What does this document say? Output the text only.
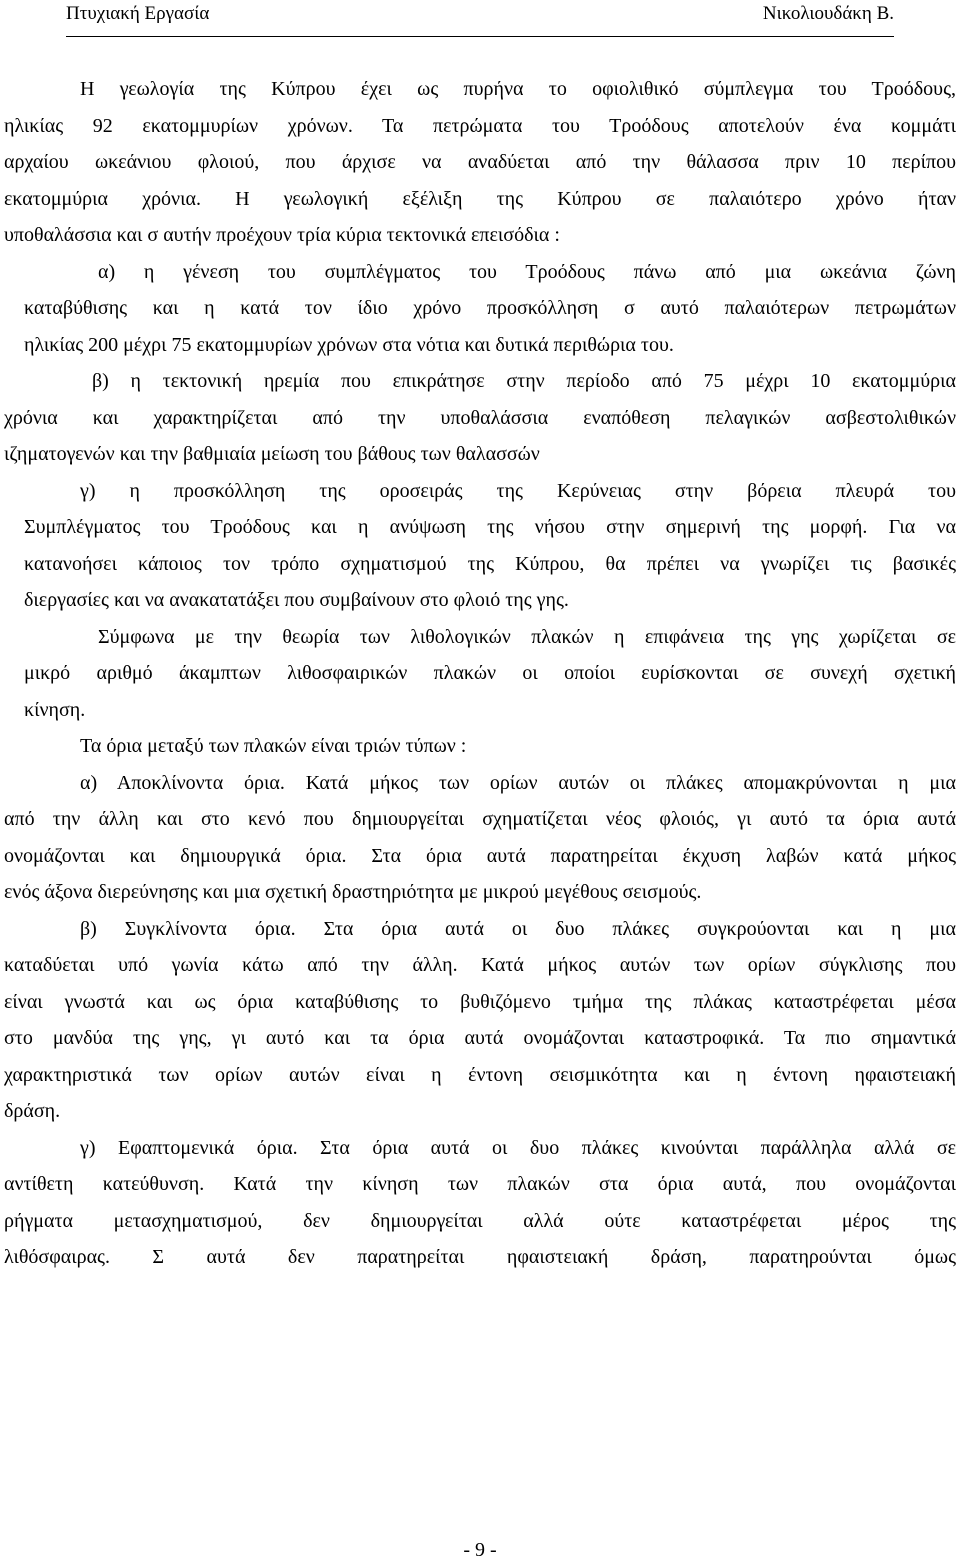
Πτυχιακή Εργασία	Νικολιουδάκη Β.
Η γεωλογία της Κύπρου έχει ως πυρήνα το οφιολιθικό σύμπλεγμα του Τροόδους,
ηλικίας 92 εκατομμυρίων χρόνων. Τα πετρώματα του Τροόδους αποτελούν ένα κομμάτι
αρχαίου ωκεάνιου φλοιού, που άρχισε να αναδύεται από την θάλασσα πριν 10 περίπου
εκατομμύρια χρόνια. Η γεωλογική εξέλιξη της Κύπρου σε παλαιότερο χρόνο ήταν
υποθαλάσσια και σ αυτήν προέχουν τρία κύρια τεκτονικά επεισόδια :
α) η γένεση του συμπλέγματος του Τροόδους πάνω από μια ωκεάνια ζώνη
καταβύθισης και η κατά τον ίδιο χρόνο προσκόλληση σ αυτό παλαιότερων πετρωμάτων
ηλικίας 200 μέχρι 75 εκατομμυρίων χρόνων στα νότια και δυτικά περιθώρια του.
β) η τεκτονική ηρεμία που επικράτησε στην περίοδο από 75 μέχρι 10 εκατομμύρια
χρόνια και χαρακτηρίζεται από την υποθαλάσσια εναπόθεση πελαγικών ασβεστολιθικών
ιζηματογενών και την βαθμιαία μείωση του βάθους των θαλασσών
γ) η προσκόλληση της οροσειράς της Κερύνειας στην βόρεια πλευρά του
Συμπλέγματος του Τροόδους και η ανύψωση της νήσου στην σημερινή της μορφή. Για να
κατανοήσει κάποιος τον τρόπο σχηματισμού της Κύπρου, θα πρέπει να γνωρίζει τις βασικές
διεργασίες και να ανακατατάξει που συμβαίνουν στο φλοιό της γης.
Σύμφωνα με την θεωρία των λιθολογικών πλακών η επιφάνεια της γης χωρίζεται σε
μικρό αριθμό άκαμπτων λιθοσφαιρικών πλακών οι οποίοι ευρίσκονται σε συνεχή σχετική
κίνηση.
Τα όρια μεταξύ των πλακών είναι τριών τύπων :
α) Αποκλίνοντα όρια. Κατά μήκος των ορίων αυτών οι πλάκες απομακρύνονται η μια
από την άλλη και στο κενό που δημιουργείται σχηματίζεται νέος φλοιός, γι αυτό τα όρια αυτά
ονομάζονται και δημιουργικά όρια. Στα όρια αυτά παρατηρείται έκχυση λαβών κατά μήκος
ενός άξονα διερεύνησης και μια σχετική δραστηριότητα με μικρού μεγέθους σεισμούς.
β) Συγκλίνοντα όρια. Στα όρια αυτά οι δυο πλάκες συγκρούονται και η μια
καταδύεται υπό γωνία κάτω από την άλλη. Κατά μήκος αυτών των ορίων σύγκλισης που
είναι γνωστά και ως όρια καταβύθισης το βυθιζόμενο τμήμα της πλάκας καταστρέφεται μέσα
στο μανδύα της γης, γι αυτό και τα όρια αυτά ονομάζονται καταστροφικά. Τα πιο σημαντικά
χαρακτηριστικά των ορίων αυτών είναι η έντονη σεισμικότητα και η έντονη ηφαιστειακή
δράση.
γ) Εφαπτομενικά όρια. Στα όρια αυτά οι δυο πλάκες κινούνται παράλληλα αλλά σε
αντίθετη κατεύθυνση. Κατά την κίνηση των πλακών στα όρια αυτά, που ονομάζονται
ρήγματα μετασχηματισμού, δεν δημιουργείται αλλά ούτε καταστρέφεται μέρος της
λιθόσφαιρας. Σ αυτά δεν παρατηρείται ηφαιστειακή δράση, παρατηρούνται όμως
- 9 -
